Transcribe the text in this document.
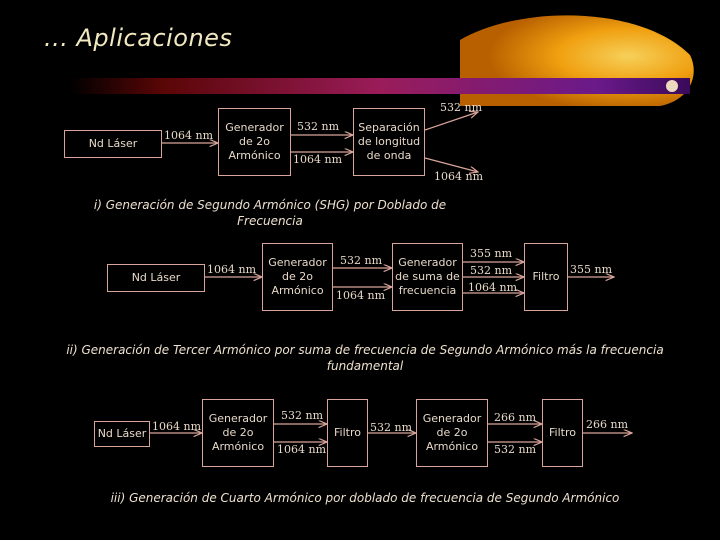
... Aplicaciones
Nd Láser
Generador
de 2o
Armónico
Separación
de longitud
de onda
1064 nm
532 nm
1064 nm
532 nm
1064 nm
i) Generación de Segundo Armónico (SHG) por Doblado de Frecuencia
Nd Láser
Generador
de 2o
Armónico
Generador
de suma de
frecuencia
Filtro
1064 nm
532 nm
1064 nm
355 nm
532 nm
1064 nm
355 nm
ii) Generación de Tercer Armónico por suma de frecuencia de Segundo Armónico más la frecuencia fundamental
Nd Láser
Generador
de 2o
Armónico
Filtro
Generador
de 2o
Armónico
Filtro
1064 nm
532 nm
1064 nm
532 nm
266 nm
532 nm
266 nm
iii) Generación de Cuarto Armónico por doblado de frecuencia de Segundo Armónico
